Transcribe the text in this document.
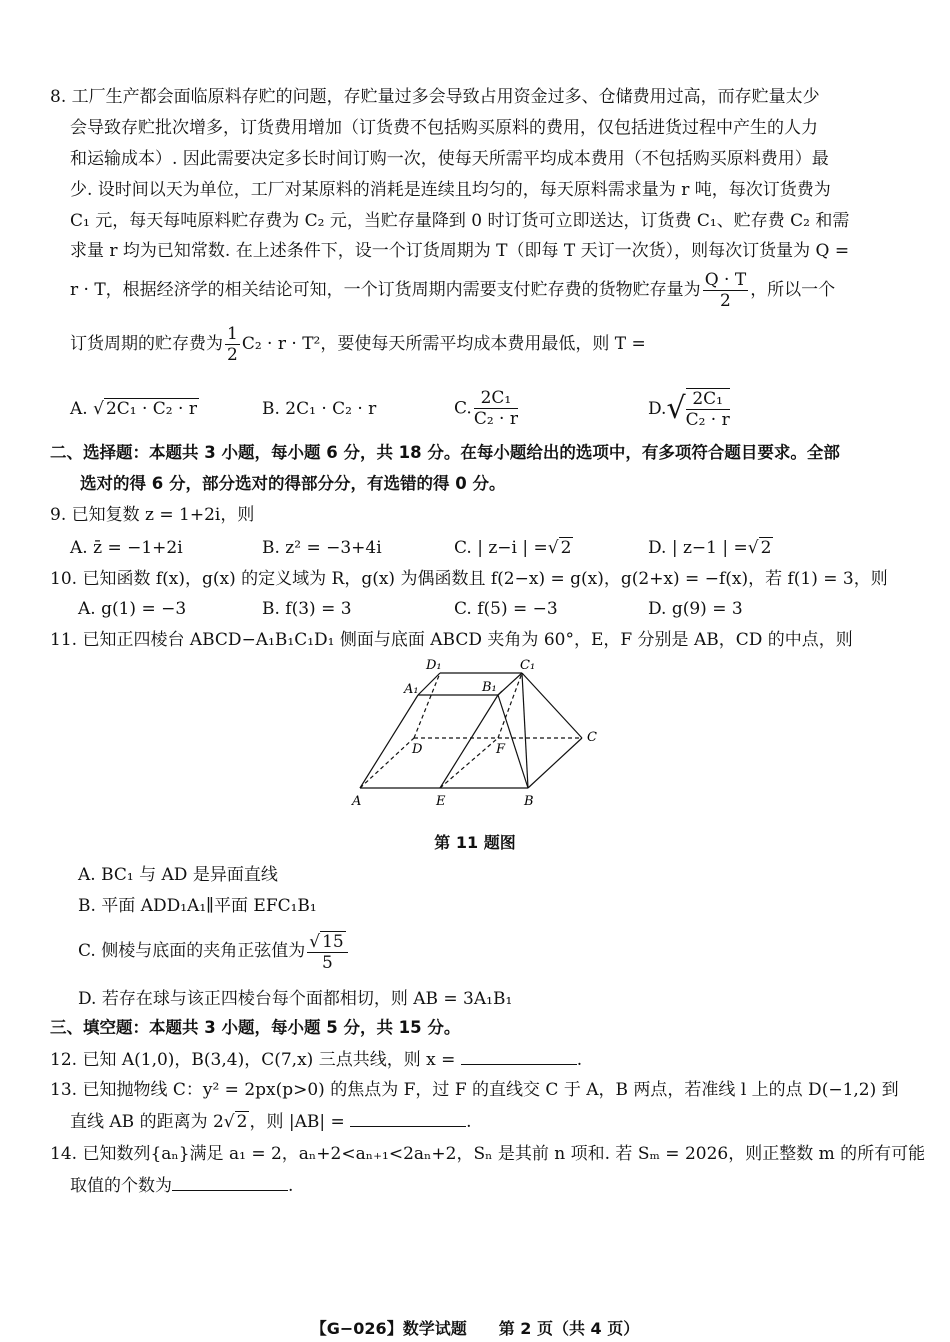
8. 工厂生产都会面临原料存贮的问题，存贮量过多会导致占用资金过多、仓储费用过高，而存贮量太少
会导致存贮批次增多，订货费用增加（订货费不包括购买原料的费用，仅包括进货过程中产生的人力
和运输成本）. 因此需要决定多长时间订购一次，使每天所需平均成本费用（不包括购买原料费用）最
少. 设时间以天为单位，工厂对某原料的消耗是连续且均匀的，每天原料需求量为 r 吨，每次订货费为
C₁ 元，每天每吨原料贮存费为 C₂ 元，当贮存量降到 0 时订货可立即送达，订货费 C₁、贮存费 C₂ 和需
求量 r 均为已知常数. 在上述条件下，设一个订货周期为 T（即每 T 天订一次货），则每次订货量为 Q =
r · T，根据经济学的相关结论可知，一个订货周期内需要支付贮存费的货物贮存量为 $\frac{Q \cdot T}{2}$ ，所以一个
订货周期的贮存费为 $\frac{1}{2} C_2 \cdot r \cdot T^2$，要使每天所需平均成本费用最低，则 T =
A. √ 2C₁ · C₂ · r	B. 2C₁ · C₂ · r	C. $\frac{\text{2C₁}}{\text{C₂ · r}}$	$D.√ \frac{\text{2C₁}}{\text{C₂ · r}}$
二、选择题：本题共 3 小题，每小题 6 分，共 18 分。在每小题给出的选项中，有多项符合题目要求。全部
选对的得 6 分，部分选对的得部分分，有选错的得 0 分。
9. 已知复数 z = 1+2i，则
A. z̄ = −1+2i	B. z² = −3+4i	C. | z−i | =√ 2	D. | z−1 | =√ 2
10. 已知函数 f(x)，g(x) 的定义域为 R，g(x) 为偶函数且 f(2−x) = g(x)，g(2+x) = −f(x)，若 f(1) = 3，则
A. g(1) = −3	B. f(3) = 3	C. f(5) = −3	D. g(9) = 3
11. 已知正四棱台 ABCD−A₁B₁C₁D₁ 侧面与底面 ABCD 夹角为 60°，E，F 分别是 AB，CD 的中点，则
D₁	C₁
A₁	B₁
C
D	F
A	E	B
第 11 题图
A. BC₁ 与 AD 是异面直线
B. 平面 ADD₁A₁∥平面 EFC₁B₁
C. 侧棱与底面的夹角正弦值为 $\frac{√ 15}{5}$
D. 若存在球与该正四棱台每个面都相切，则 AB = 3A₁B₁
三、填空题：本题共 3 小题，每小题 5 分，共 15 分。
12. 已知 A(1,0)，B(3,4)，C(7,x) 三点共线，则 x =	.
13. 已知抛物线 C：y² = 2px(p>0) 的焦点为 F，过 F 的直线交 C 于 A，B 两点，若准线 l 上的点 D(−1,2) 到
直线 AB 的距离为 2√ 2 ，则 |AB| =	.
14. 已知数列{aₙ}满足 a₁ = 2，aₙ+2<aₙ₊₁<2aₙ+2，Sₙ 是其前 n 项和. 若 Sₘ = 2026，则正整数 m 的所有可能
取值的个数为	.
【G−026】数学试题　　第 2 页（共 4 页）
